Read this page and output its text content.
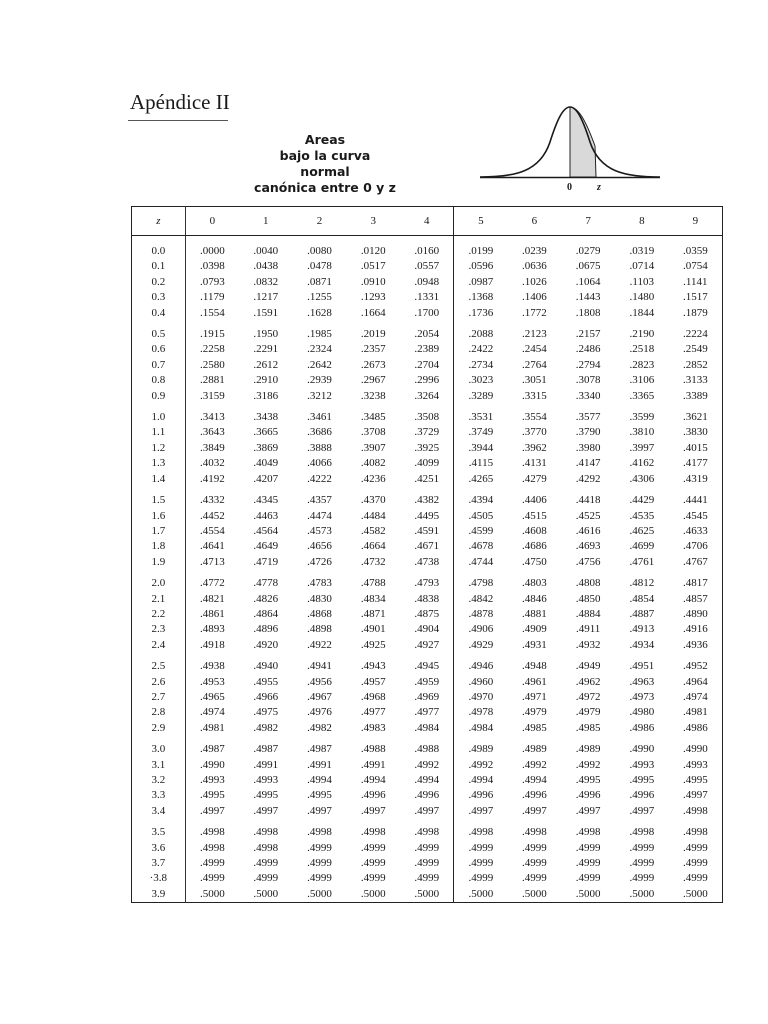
Apéndice II
Areas
bajo la curva
normal
canónica entre 0 y z	0	z
z	0	1	2	3	4	5	6	7	8	9
0.0	.0000	.0040	.0080	.0120	.0160	.0199	.0239	.0279	.0319	.0359
0.1	.0398	.0438	.0478	.0517	.0557	.0596	.0636	.0675	.0714	.0754
0.2	.0793	.0832	.0871	.0910	.0948	.0987	.1026	.1064	.1103	.1141
0.3	.1179	.1217	.1255	.1293	.1331	.1368	.1406	.1443	.1480	.1517
0.4	.1554	.1591	.1628	.1664	.1700	.1736	.1772	.1808	.1844	.1879
0.5	.1915	.1950	.1985	.2019	.2054	.2088	.2123	.2157	.2190	.2224
0.6	.2258	.2291	.2324	.2357	.2389	.2422	.2454	.2486	.2518	.2549
0.7	.2580	.2612	.2642	.2673	.2704	.2734	.2764	.2794	.2823	.2852
0.8	.2881	.2910	.2939	.2967	.2996	.3023	.3051	.3078	.3106	.3133
0.9	.3159	.3186	.3212	.3238	.3264	.3289	.3315	.3340	.3365	.3389
1.0	.3413	.3438	.3461	.3485	.3508	.3531	.3554	.3577	.3599	.3621
1.1	.3643	.3665	.3686	.3708	.3729	.3749	.3770	.3790	.3810	.3830
1.2	.3849	.3869	.3888	.3907	.3925	.3944	.3962	.3980	.3997	.4015
1.3	.4032	.4049	.4066	.4082	.4099	.4115	.4131	.4147	.4162	.4177
1.4	.4192	.4207	.4222	.4236	.4251	.4265	.4279	.4292	.4306	.4319
1.5	.4332	.4345	.4357	.4370	.4382	.4394	.4406	.4418	.4429	.4441
1.6	.4452	.4463	.4474	.4484	.4495	.4505	.4515	.4525	.4535	.4545
1.7	.4554	.4564	.4573	.4582	.4591	.4599	.4608	.4616	.4625	.4633
1.8	.4641	.4649	.4656	.4664	.4671	.4678	.4686	.4693	.4699	.4706
1.9	.4713	.4719	.4726	.4732	.4738	.4744	.4750	.4756	.4761	.4767
2.0	.4772	.4778	.4783	.4788	.4793	.4798	.4803	.4808	.4812	.4817
2.1	.4821	.4826	.4830	.4834	.4838	.4842	.4846	.4850	.4854	.4857
2.2	.4861	.4864	.4868	.4871	.4875	.4878	.4881	.4884	.4887	.4890
2.3	.4893	.4896	.4898	.4901	.4904	.4906	.4909	.4911	.4913	.4916
2.4	.4918	.4920	.4922	.4925	.4927	.4929	.4931	.4932	.4934	.4936
2.5	.4938	.4940	.4941	.4943	.4945	.4946	.4948	.4949	.4951	.4952
2.6	.4953	.4955	.4956	.4957	.4959	.4960	.4961	.4962	.4963	.4964
2.7	.4965	.4966	.4967	.4968	.4969	.4970	.4971	.4972	.4973	.4974
2.8	.4974	.4975	.4976	.4977	.4977	.4978	.4979	.4979	.4980	.4981
2.9	.4981	.4982	.4982	.4983	.4984	.4984	.4985	.4985	.4986	.4986
3.0	.4987	.4987	.4987	.4988	.4988	.4989	.4989	.4989	.4990	.4990
3.1	.4990	.4991	.4991	.4991	.4992	.4992	.4992	.4992	.4993	.4993
3.2	.4993	.4993	.4994	.4994	.4994	.4994	.4994	.4995	.4995	.4995
3.3	.4995	.4995	.4995	.4996	.4996	.4996	.4996	.4996	.4996	.4997
3.4	.4997	.4997	.4997	.4997	.4997	.4997	.4997	.4997	.4997	.4998
3.5	.4998	.4998	.4998	.4998	.4998	.4998	.4998	.4998	.4998	.4998
3.6	.4998	.4998	.4999	.4999	.4999	.4999	.4999	.4999	.4999	.4999
3.7	.4999	.4999	.4999	.4999	.4999	.4999	.4999	.4999	.4999	.4999
·3.8	.4999	.4999	.4999	.4999	.4999	.4999	.4999	.4999	.4999	.4999
3.9	.5000	.5000	.5000	.5000	.5000	.5000	.5000	.5000	.5000	.5000
